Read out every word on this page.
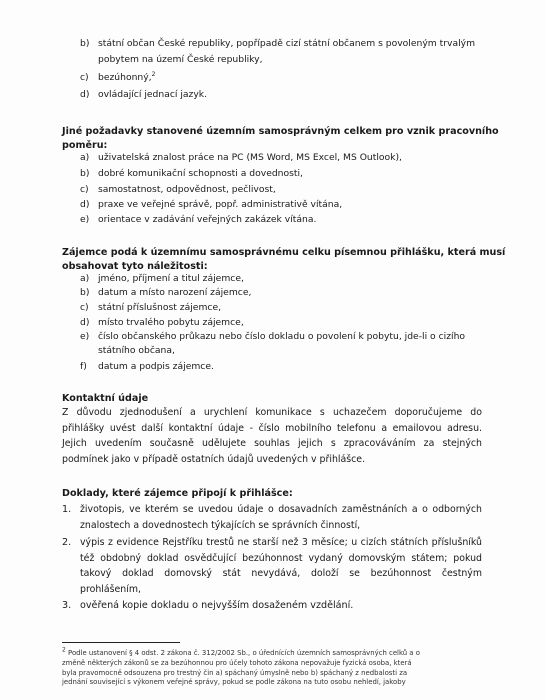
b) státní občan České republiky, popřípadě cizí státní občanem s povoleným trvalým
pobytem na území České republiky,
c) bezúhonný,$^2$
d) ovládající jednací jazyk.
Jiné požadavky stanovené územním samosprávným celkem pro vznik pracovního
poměru:
a) uživatelská znalost práce na PC (MS Word, MS Excel, MS Outlook),
b) dobré komunikační schopnosti a dovednosti,
c) samostatnost, odpovědnost, pečlivost,
d) praxe ve veřejné správě, popř. administrativě vítána,
e) orientace v zadávání veřejných zakázek vítána.
Zájemce podá k územnímu samosprávnému celku písemnou přihlášku, která musí
obsahovat tyto náležitosti:
a) jméno, příjmení a titul zájemce,
b) datum a místo narození zájemce,
c) státní příslušnost zájemce,
d) místo trvalého pobytu zájemce,
e) číslo občanského průkazu nebo číslo dokladu o povolení k pobytu, jde-li o cizího
státního občana,
f) datum a podpis zájemce.
Kontaktní údaje
Z důvodu zjednodušení a urychlení komunikace s uchazečem doporučujeme do
přihlášky uvést další kontaktní údaje - číslo mobilního telefonu a emailovou adresu.
Jejich uvedením současně udělujete souhlas jejich s zpracováváním za stejných
podmínek jako v případě ostatních údajů uvedených v přihlášce.
Doklady, které zájemce připojí k přihlášce:
1. životopis, ve kterém se uvedou údaje o dosavadních zaměstnáních a o odborných
znalostech a dovednostech týkajících se správních činností,
2. výpis z evidence Rejstříku trestů ne starší než 3 měsíce; u cizích státních příslušníků
též obdobný doklad osvědčující bezúhonnost vydaný domovským státem; pokud
takový doklad domovský stát nevydává, doloží se bezúhonnost čestným
prohlášením,
3. ověřená kopie dokladu o nejvyšším dosaženém vzdělání.
$^2$ Podle ustanovení § 4 odst. 2 zákona č. 312/2002 Sb., o úřednících územních samosprávných celků a o
změně některých zákonů se za bezúhonnou pro účely tohoto zákona nepovažuje fyzická osoba, která
byla pravomocně odsouzena pro trestný čin a) spáchaný úmyslně nebo b) spáchaný z nedbalosti za
jednání související s výkonem veřejné správy, pokud se podle zákona na tuto osobu nehledí, jakoby
